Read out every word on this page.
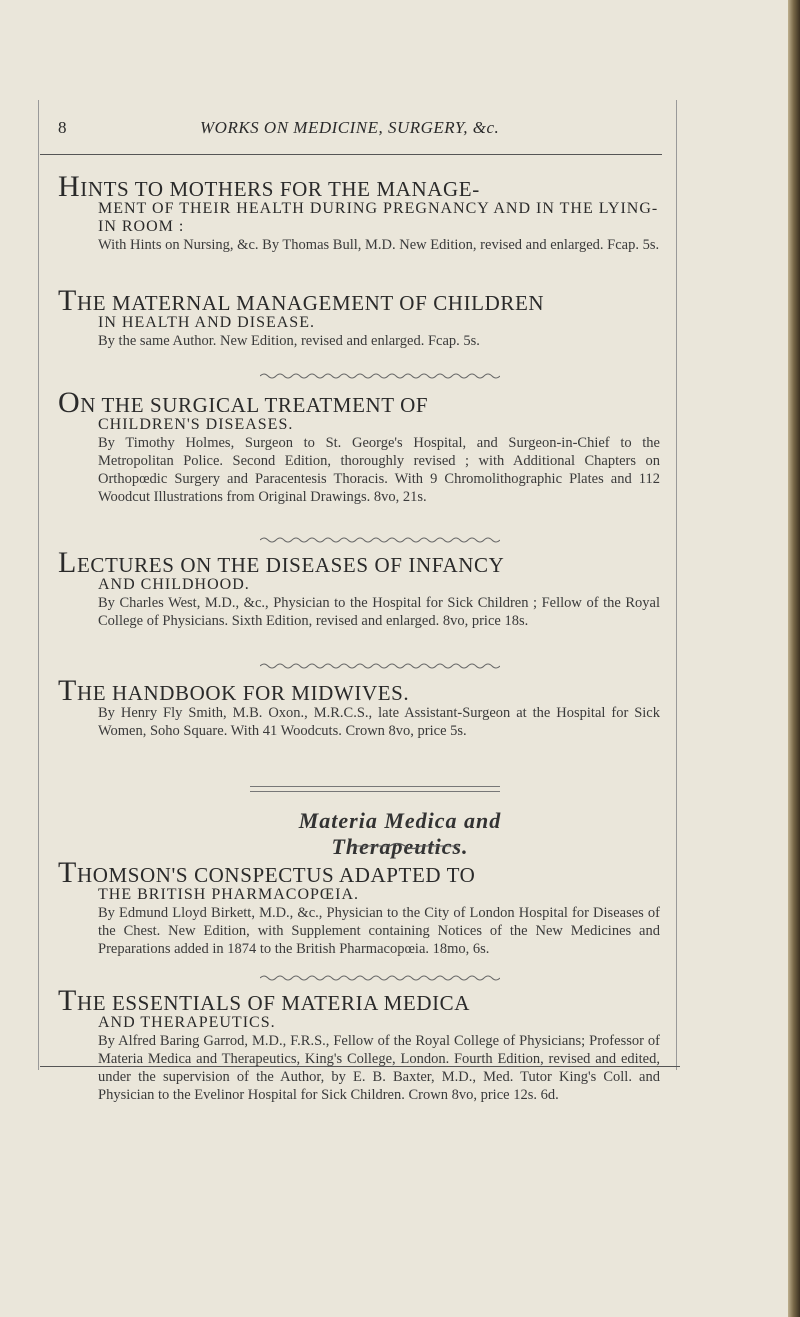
8	WORKS ON MEDICINE, SURGERY, &c.

HINTS TO MOTHERS FOR THE MANAGE-

MENT OF THEIR HEALTH DURING PREGNANCY AND IN THE LYING-IN ROOM :

With Hints on Nursing, &c. By Thomas Bull, M.D. New Edition, revised and enlarged. Fcap. 5s.

THE MATERNAL MANAGEMENT OF CHILDREN

IN HEALTH AND DISEASE.

By the same Author. New Edition, revised and enlarged. Fcap. 5s.

ON THE SURGICAL TREATMENT OF

CHILDREN'S DISEASES.

By Timothy Holmes, Surgeon to St. George's Hospital, and Surgeon-in-Chief to the Metropolitan Police. Second Edition, thoroughly revised ; with Additional Chapters on Orthopœdic Surgery and Paracentesis Thoracis. With 9 Chromolithographic Plates and 112 Woodcut Illustrations from Original Drawings. 8vo, 21s.

LECTURES ON THE DISEASES OF INFANCY

AND CHILDHOOD.

By Charles West, M.D., &c., Physician to the Hospital for Sick Children ; Fellow of the Royal College of Physicians. Sixth Edition, revised and enlarged. 8vo, price 18s.

THE HANDBOOK FOR MIDWIVES.

By Henry Fly Smith, M.B. Oxon., M.R.C.S., late Assistant-Surgeon at the Hospital for Sick Women, Soho Square. With 41 Woodcuts. Crown 8vo, price 5s.

Materia Medica and Therapeutics.

THOMSON'S CONSPECTUS ADAPTED TO

THE BRITISH PHARMACOPŒIA.

By Edmund Lloyd Birkett, M.D., &c., Physician to the City of London Hospital for Diseases of the Chest. New Edition, with Supplement containing Notices of the New Medicines and Preparations added in 1874 to the British Pharmacopœia. 18mo, 6s.

THE ESSENTIALS OF MATERIA MEDICA

AND THERAPEUTICS.

By Alfred Baring Garrod, M.D., F.R.S., Fellow of the Royal College of Physicians; Professor of Materia Medica and Therapeutics, King's College, London. Fourth Edition, revised and edited, under the supervision of the Author, by E. B. Baxter, M.D., Med. Tutor King's Coll. and Physician to the Evelinor Hospital for Sick Children. Crown 8vo, price 12s. 6d.
